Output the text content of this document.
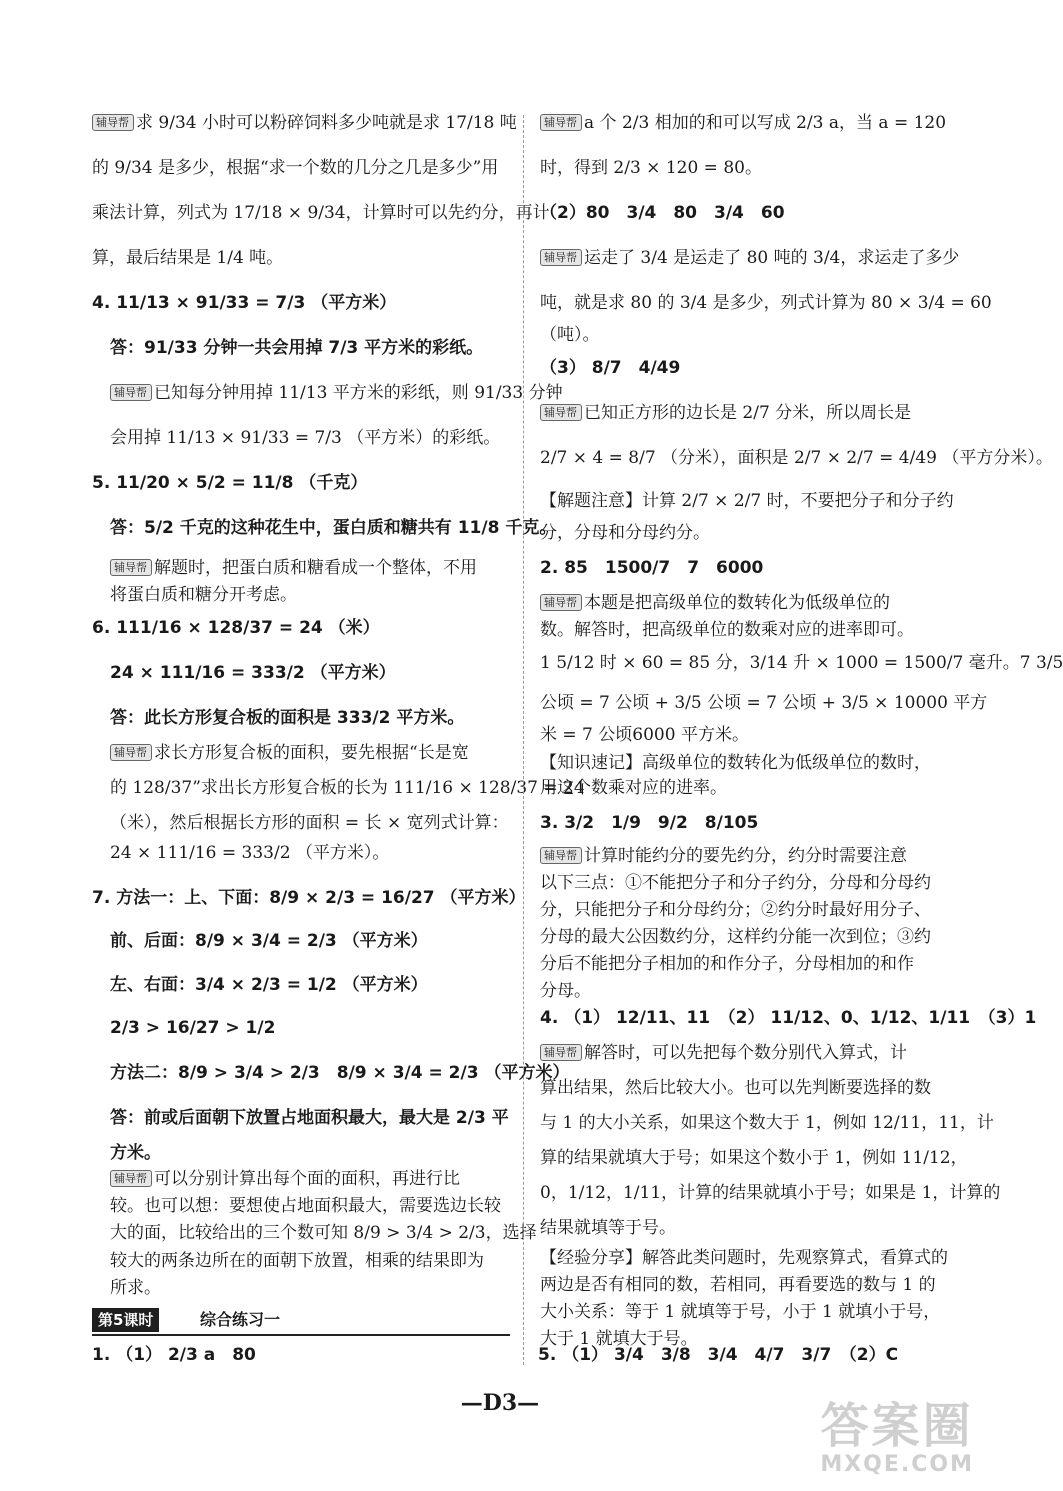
辅导帮 求 9/34 小时可以粉碎饲料多少吨就是求 17/18 吨
的 9/34 是多少，根据“求一个数的几分之几是多少”用
乘法计算，列式为 17/18 × 9/34，计算时可以先约分，再计
算，最后结果是 1/4 吨。
4. 11/13 × 91/33 = 7/3 （平方米）
答：91/33 分钟一共会用掉 7/3 平方米的彩纸。
辅导帮 已知每分钟用掉 11/13 平方米的彩纸，则 91/33 分钟
会用掉 11/13 × 91/33 = 7/3 （平方米）的彩纸。
5. 11/20 × 5/2 = 11/8 （千克）
答：5/2 千克的这种花生中，蛋白质和糖共有 11/8 千克。
辅导帮 解题时，把蛋白质和糖看成一个整体，不用
将蛋白质和糖分开考虑。
6. 111/16 × 128/37 = 24 （米）
24 × 111/16 = 333/2 （平方米）
答：此长方形复合板的面积是 333/2 平方米。
辅导帮 求长方形复合板的面积，要先根据“长是宽
的 128/37”求出长方形复合板的长为 111/16 × 128/37 = 24
（米），然后根据长方形的面积 = 长 × 宽列式计算：
24 × 111/16 = 333/2 （平方米）。
7. 方法一：上、下面：8/9 × 2/3 = 16/27 （平方米）
前、后面：8/9 × 3/4 = 2/3 （平方米）
左、右面：3/4 × 2/3 = 1/2 （平方米）
2/3 > 16/27 > 1/2
方法二：8/9 > 3/4 > 2/3　8/9 × 3/4 = 2/3 （平方米）
答：前或后面朝下放置占地面积最大，最大是 2/3 平
方米。
辅导帮 可以分别计算出每个面的面积，再进行比
较。也可以想：要想使占地面积最大，需要选边长较
大的面，比较给出的三个数可知 8/9 > 3/4 > 2/3，选择
较大的两条边所在的面朝下放置，相乘的结果即为
所求。
第5课时	综合练习一
1. （1） 2/3 a　80
辅导帮 a 个 2/3 相加的和可以写成 2/3 a，当 a = 120
时，得到 2/3 × 120 = 80。
（2）80　3/4　80　3/4　60
辅导帮 运走了 3/4 是运走了 80 吨的 3/4，求运走了多少
吨，就是求 80 的 3/4 是多少，列式计算为 80 × 3/4 = 60
（吨）。
（3） 8/7　4/49
辅导帮 已知正方形的边长是 2/7 分米，所以周长是
2/7 × 4 = 8/7 （分米），面积是 2/7 × 2/7 = 4/49 （平方分米）。
【解题注意】计算 2/7 × 2/7 时，不要把分子和分子约
分，分母和分母约分。
2. 85　1500/7　7　6000
辅导帮 本题是把高级单位的数转化为低级单位的
数。解答时，把高级单位的数乘对应的进率即可。
1 5/12 时 × 60 = 85 分，3/14 升 × 1000 = 1500/7 毫升。7 3/5
公顷 = 7 公顷 + 3/5 公顷 = 7 公顷 + 3/5 × 10000 平方
米 = 7 公顷6000 平方米。
【知识速记】高级单位的数转化为低级单位的数时，
用这个数乘对应的进率。
3. 3/2　1/9　9/2　8/105
辅导帮 计算时能约分的要先约分，约分时需要注意
以下三点：①不能把分子和分子约分，分母和分母约
分，只能把分子和分母约分；②约分时最好用分子、
分母的最大公因数约分，这样约分能一次到位；③约
分后不能把分子相加的和作分子，分母相加的和作
分母。
4. （1） 12/11、11　（2） 11/12、0、1/12、1/11　（3）1
辅导帮 解答时，可以先把每个数分别代入算式，计
算出结果，然后比较大小。也可以先判断要选择的数
与 1 的大小关系，如果这个数大于 1，例如 12/11，11，计
算的结果就填大于号；如果这个数小于 1，例如 11/12，
0，1/12，1/11，计算的结果就填小于号；如果是 1，计算的
结果就填等于号。
【经验分享】解答此类问题时，先观察算式，看算式的
两边是否有相同的数，若相同，再看要选的数与 1 的
大小关系：等于 1 就填等于号，小于 1 就填小于号，
大于 1 就填大于号。
5. （1） 3/4　3/8　3/4　4/7　3/7　（2）C
—D3—	答案圈
MXQE.COM
